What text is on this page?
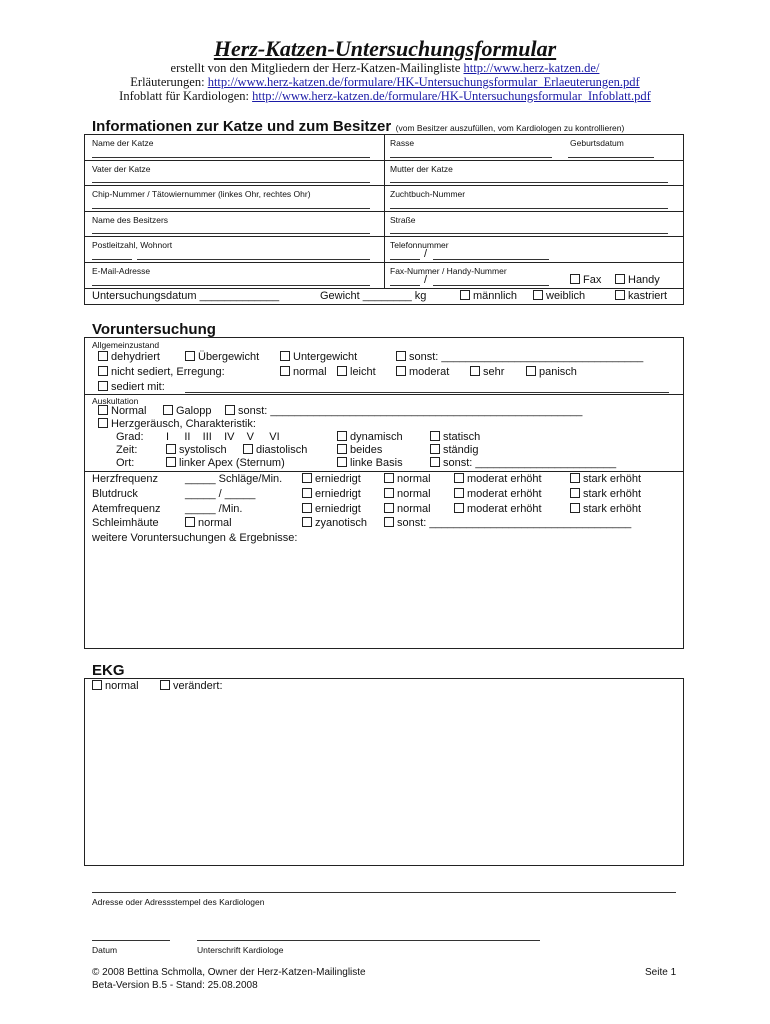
Herz-Katzen-Untersuchungsformular
erstellt von den Mitgliedern der Herz-Katzen-Mailingliste http://www.herz-katzen.de/
Erläuterungen: http://www.herz-katzen.de/formulare/HK-Untersuchungsformular_Erlaeuterungen.pdf
Infoblatt für Kardiologen: http://www.herz-katzen.de/formulare/HK-Untersuchungsformular_Infoblatt.pdf
Informationen zur Katze und zum Besitzer (vom Besitzer auszufüllen, vom Kardiologen zu kontrollieren)
Name der Katze	Rasse	Geburtsdatum
Vater der Katze	Mutter der Katze
Chip-Nummer / Tätowiernummer (linkes Ohr, rechtes Ohr)	Zuchtbuch-Nummer
Name des Besitzers	Straße
Postleitzahl, Wohnort	Telefonnummer
/
E-Mail-Adresse	Fax-Nummer / Handy-Nummer
/	Fax	Handy
Untersuchungsdatum _____________	Gewicht ________ kg	männlich	weiblich	kastriert
Voruntersuchung
Allgemeinzustand
dehydriert	Übergewicht	Untergewicht	sonst: _________________________________
nicht sediert, Erregung:	normal	leicht	moderat	sehr	panisch
sediert mit:
Auskultation
Normal	Galopp	sonst: ___________________________________________________
Herzgeräusch, Charakteristik:
Grad: I     II    III    IV    V     VI	dynamisch	statisch
Zeit:	systolisch	diastolisch	beides	ständig
Ort:	linker Apex (Sternum)	linke Basis	sonst: _______________________
Herzfrequenz _____ Schläge/Min.	erniedrigt	normal	moderat erhöht	stark erhöht
Blutdruck	_____ / _____	erniedrigt	normal	moderat erhöht	stark erhöht
Atemfrequenz _____ /Min.	erniedrigt	normal	moderat erhöht	stark erhöht
Schleimhäute	normal	zyanotisch	sonst: _________________________________
weitere Voruntersuchungen & Ergebnisse:
EKG
normal	verändert:
Adresse oder Adressstempel des Kardiologen
Datum	Unterschrift Kardiologe
© 2008 Bettina Schmolla, Owner der Herz-Katzen-Mailingliste
Beta-Version B.5 - Stand: 25.08.2008
Seite 1
